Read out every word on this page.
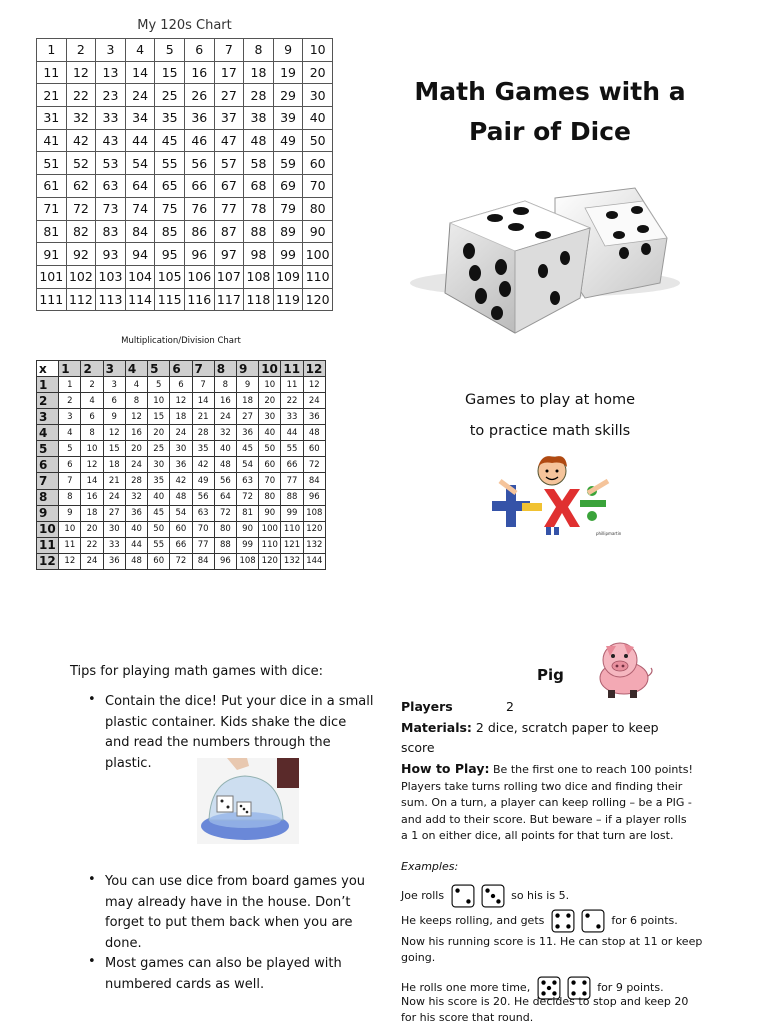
My 120s Chart
1	2	3	4	5	6	7	8	9	10
11	12	13	14	15	16	17	18	19	20
21	22	23	24	25	26	27	28	29	30
31	32	33	34	35	36	37	38	39	40
41	42	43	44	45	46	47	48	49	50
51	52	53	54	55	56	57	58	59	60
61	62	63	64	65	66	67	68	69	70
71	72	73	74	75	76	77	78	79	80
81	82	83	84	85	86	87	88	89	90
91	92	93	94	95	96	97	98	99	100
101	102	103	104	105	106	107	108	109	110
111	112	113	114	115	116	117	118	119	120
Multiplication/Division Chart
x	1	2	3	4	5	6	7	8	9	10	11	12
1	1	2	3	4	5	6	7	8	9	10	11	12
2	2	4	6	8	10	12	14	16	18	20	22	24
3	3	6	9	12	15	18	21	24	27	30	33	36
4	4	8	12	16	20	24	28	32	36	40	44	48
5	5	10	15	20	25	30	35	40	45	50	55	60
6	6	12	18	24	30	36	42	48	54	60	66	72
7	7	14	21	28	35	42	49	56	63	70	77	84
8	8	16	24	32	40	48	56	64	72	80	88	96
9	9	18	27	36	45	54	63	72	81	90	99	108
10	10	20	30	40	50	60	70	80	90	100	110	120
11	11	22	33	44	55	66	77	88	99	110	121	132
12	12	24	36	48	60	72	84	96	108	120	132	144
Math Games with a
Pair of Dice
Games to play at home
to practice math skills
phillipmartin
Tips for playing math games with dice:
• Contain the dice! Put your dice in a small
plastic container. Kids shake the dice
and read the numbers through the
plastic.
• You can use dice from board games you
may already have in the house. Don’t
forget to put them back when you are
done.
• Most games can also be played with
numbered cards as well.
Pig
Players	2
Materials: 2 dice, scratch paper to keep
score
How to Play: Be the first one to reach 100 points!
Players take turns rolling two dice and finding their
sum. On a turn, a player can keep rolling – be a PIG -
and add to their score. But beware – if a player rolls
a 1 on either dice, all points for that turn are lost.
Examples:
Joe rolls	so his is 5.
He keeps rolling, and gets	for 6 points.
Now his running score is 11. He can stop at 11 or keep
going.
He rolls one more time,	for 9 points.
Now his score is 20. He decides to stop and keep 20
for his score that round.
